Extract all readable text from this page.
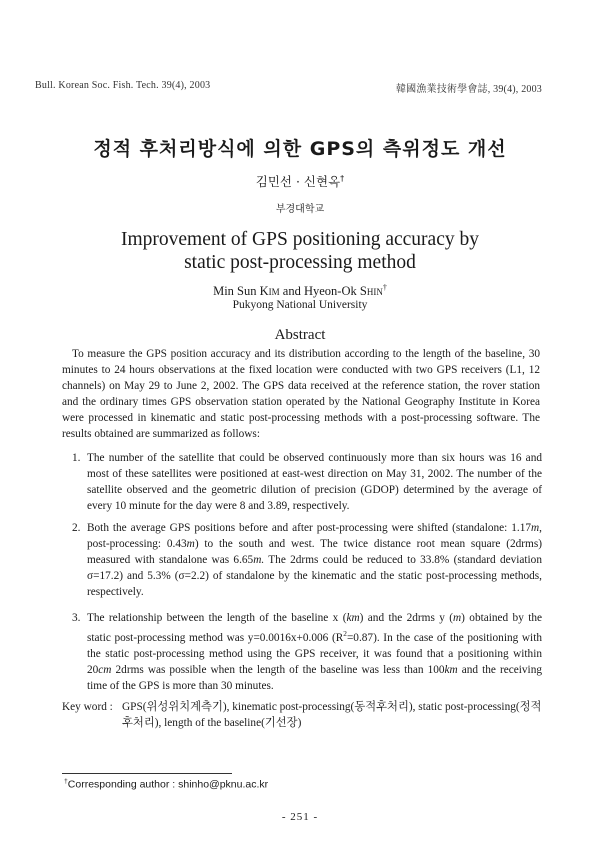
Bull. Korean Soc. Fish. Tech. 39(4), 2003	韓國漁業技術學會誌, 39(4), 2003
정적 후처리방식에 의한 GPS의 측위정도 개선
김민선 · 신현옥†
부경대학교
Improvement of GPS positioning accuracy by
static post-processing method
Min Sun Kim and Hyeon-Ok Shin†
Pukyong National University
Abstract
To measure the GPS position accuracy and its distribution according to the length of the baseline, 30 minutes to 24 hours observations at the fixed location were conducted with two GPS receivers (L1, 12 channels) on May 29 to June 2, 2002. The GPS data received at the reference station, the rover station and the ordinary times GPS observation station operated by the National Geography Institute in Korea were processed in kinematic and static post-processing methods with a post-processing software. The results obtained are summarized as follows:
1. The number of the satellite that could be observed continuously more than six hours was 16 and most of these satellites were positioned at east-west direction on May 31, 2002. The number of the satellite observed and the geometric dilution of precision (GDOP) determined by the average of every 10 minute for the day were 8 and 3.89, respectively.
2. Both the average GPS positions before and after post-processing were shifted (standalone: 1.17m, post-processing: 0.43m) to the south and west. The twice distance root mean square (2drms) measured with standalone was 6.65m. The 2drms could be reduced to 33.8% (standard deviation σ=17.2) and 5.3% (σ=2.2) of standalone by the kinematic and the static post-processing methods, respectively.
3. The relationship between the length of the baseline x (km) and the 2drms y (m) obtained by the static post-processing method was y=0.0016x+0.006 $(R^2=0.87)$. In the case of the positioning with the static post-processing method using the GPS receiver, it was found that a positioning within 20cm 2drms was possible when the length of the baseline was less than 100km and the receiving time of the GPS is more than 30 minutes.
Key word : GPS(위성위치계측기), kinematic post-processing(동적후처리), static post-processing(정적후처리), length of the baseline(기선장)
†Corresponding author : shinho@pknu.ac.kr
- 251 -
